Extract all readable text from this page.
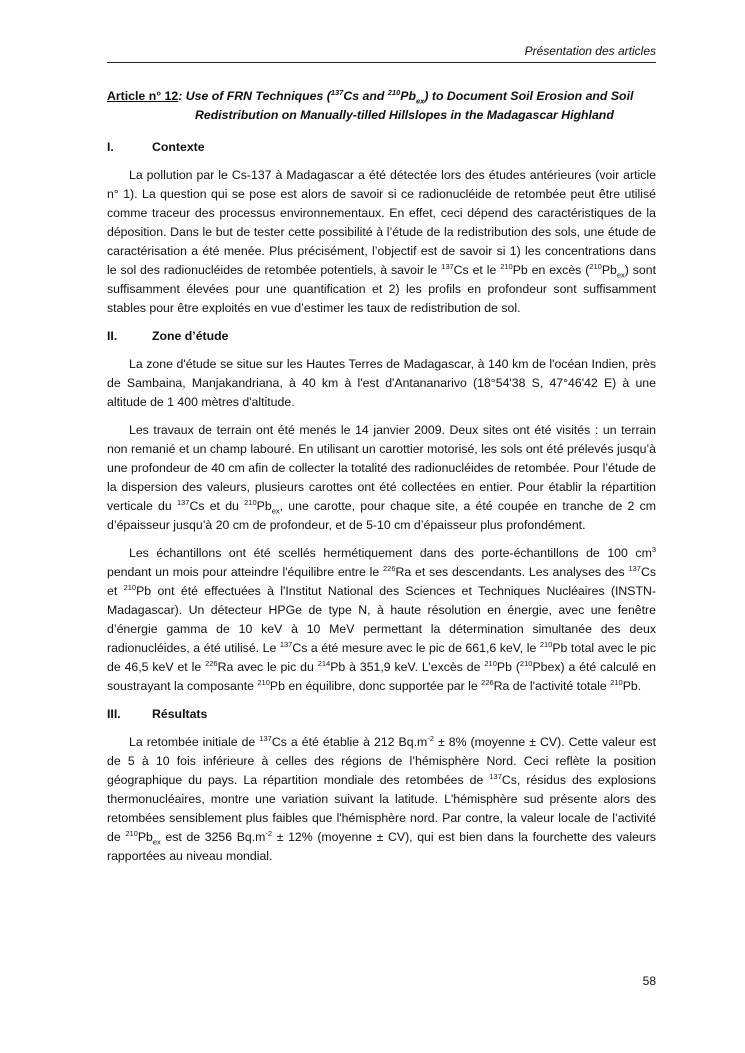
Présentation des articles
Article n° 12: Use of FRN Techniques ($^{137}$Cs and $^{210}Pb_{ex}$) to Document Soil Erosion and Soil
Redistribution on Manually-tilled Hillslopes in the Madagascar Highland
I.	Contexte

La pollution par le Cs-137 à Madagascar a été détectée lors des études antérieures (voir article n° 1). La question qui se pose est alors de savoir si ce radionucléide de retombée peut être utilisé comme traceur des processus environnementaux. En effet, ceci dépend des caractéristiques de la déposition. Dans le but de tester cette possibilité à l’étude de la redistribution des sols, une étude de caractérisation a été menée. Plus précisément, l’objectif est de savoir si 1) les concentrations dans le sol des radionucléides de retombée potentiels, à savoir le $^{137}$Cs et le $^{210}$Pb en excès $(^{210}Pb_{ex})$ sont suffisamment élevées pour une quantification et 2) les profils en profondeur sont suffisamment stables pour être exploités en vue d’estimer les taux de redistribution de sol.

II.	Zone d’étude

La zone d'étude se situe sur les Hautes Terres de Madagascar, à 140 km de l'océan Indien, près de Sambaina, Manjakandriana, à 40 km à l'est d'Antananarivo (18°54'38 S, 47°46'42 E) à une altitude de 1 400 mètres d'altitude.

Les travaux de terrain ont été menés le 14 janvier 2009. Deux sites ont été visités : un terrain non remanié et un champ labouré. En utilisant un carottier motorisé, les sols ont été prélevés jusqu’à une profondeur de 40 cm afin de collecter la totalité des radionucléides de retombée. Pour l’étude de la dispersion des valeurs, plusieurs carottes ont été collectées en entier. Pour établir la répartition verticale du $^{137}$Cs et du $^{210}Pb_{ex}$, une carotte, pour chaque site, a été coupée en tranche de 2 cm d’épaisseur jusqu’à 20 cm de profondeur, et de 5-10 cm d’épaisseur plus profondément.

Les échantillons ont été scellés hermétiquement dans des porte-échantillons de 100 $cm^3$ pendant un mois pour atteindre l'équilibre entre le $^{226}$Ra et ses descendants. Les analyses des $^{137}$Cs et $^{210}$Pb ont été effectuées à l'Institut National des Sciences et Techniques Nucléaires (INSTN-Madagascar). Un détecteur HPGe de type N, à haute résolution en énergie, avec une fenêtre d’énergie gamma de 10 keV à 10 MeV permettant la détermination simultanée des deux radionucléides, a été utilisé. Le $^{137}$Cs a été mesure avec le pic de 661,6 keV, le $^{210}$Pb total avec le pic de 46,5 keV et le $^{226}$Ra avec le pic du $^{214}$Pb à 351,9 keV. L’excès de $^{210}$Pb ($^{210}$Pbex) a été calculé en soustrayant la composante $^{210}$Pb en équilibre, donc supportée par le $^{226}$Ra de l'activité totale $^{210}$Pb.

III.	Résultats

La retombée initiale de $^{137}$Cs a été établie à 212 $Bq.m^{-2} \pm 8\%$ (moyenne ± CV). Cette valeur est de 5 à 10 fois inférieure à celles des régions de l’hémisphère Nord. Ceci reflète la position géographique du pays. La répartition mondiale des retombées de $^{137}$Cs, résidus des explosions thermonucléaires, montre une variation suivant la latitude. L'hémisphère sud présente alors des retombées sensiblement plus faibles que l'hémisphère nord. Par contre, la valeur locale de l’activité de $^{210}Pb_{ex}$ est de 3256 $Bq.m^{-2} \pm 12\%$ (moyenne ± CV), qui est bien dans la fourchette des valeurs rapportées au niveau mondial.

58
